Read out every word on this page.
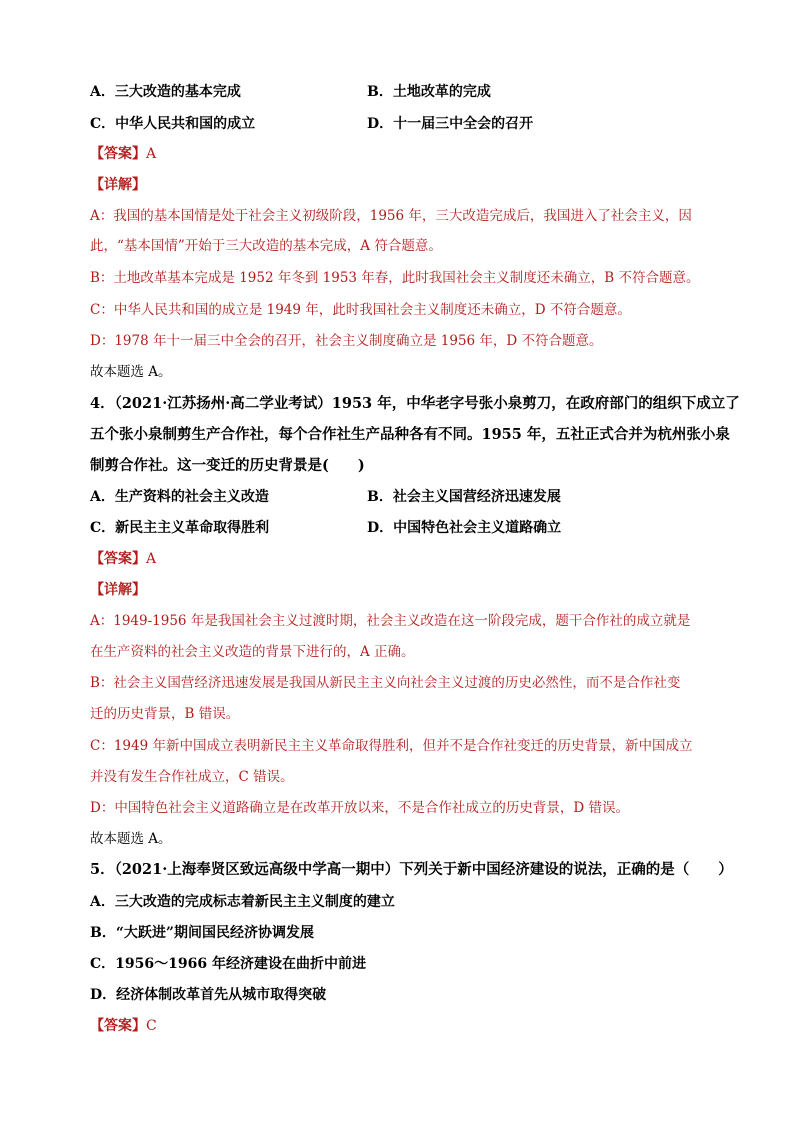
A．三大改造的基本完成	B．土地改革的完成
C．中华人民共和国的成立	D．十一届三中全会的召开
【答案】A
【详解】
A：我国的基本国情是处于社会主义初级阶段，1956 年，三大改造完成后，我国进入了社会主义，因
此，“基本国情”开始于三大改造的基本完成，A 符合题意。
B：土地改革基本完成是 1952 年冬到 1953 年春，此时我国社会主义制度还未确立，B 不符合题意。
C：中华人民共和国的成立是 1949 年，此时我国社会主义制度还未确立，D 不符合题意。
D：1978 年十一届三中全会的召开，社会主义制度确立是 1956 年，D 不符合题意。
故本题选 A。
4．（2021·江苏扬州·高二学业考试）1953 年，中华老字号张小泉剪刀，在政府部门的组织下成立了
五个张小泉制剪生产合作社，每个合作社生产品种各有不同。1955 年，五社正式合并为杭州张小泉
制剪合作社。这一变迁的历史背景是(　　)
A．生产资料的社会主义改造	B．社会主义国营经济迅速发展
C．新民主主义革命取得胜利	D．中国特色社会主义道路确立
【答案】A
【详解】
A：1949-1956 年是我国社会主义过渡时期，社会主义改造在这一阶段完成，题干合作社的成立就是
在生产资料的社会主义改造的背景下进行的，A 正确。
B：社会主义国营经济迅速发展是我国从新民主主义向社会主义过渡的历史必然性，而不是合作社变
迁的历史背景，B 错误。
C：1949 年新中国成立表明新民主主义革命取得胜利，但并不是合作社变迁的历史背景，新中国成立
并没有发生合作社成立，C 错误。
D：中国特色社会主义道路确立是在改革开放以来，不是合作社成立的历史背景，D 错误。
故本题选 A。
5．（2021·上海奉贤区致远高级中学高一期中）下列关于新中国经济建设的说法，正确的是（　　）
A．三大改造的完成标志着新民主主义制度的建立
B．“大跃进”期间国民经济协调发展
C．1956～1966 年经济建设在曲折中前进
D．经济体制改革首先从城市取得突破
【答案】C
